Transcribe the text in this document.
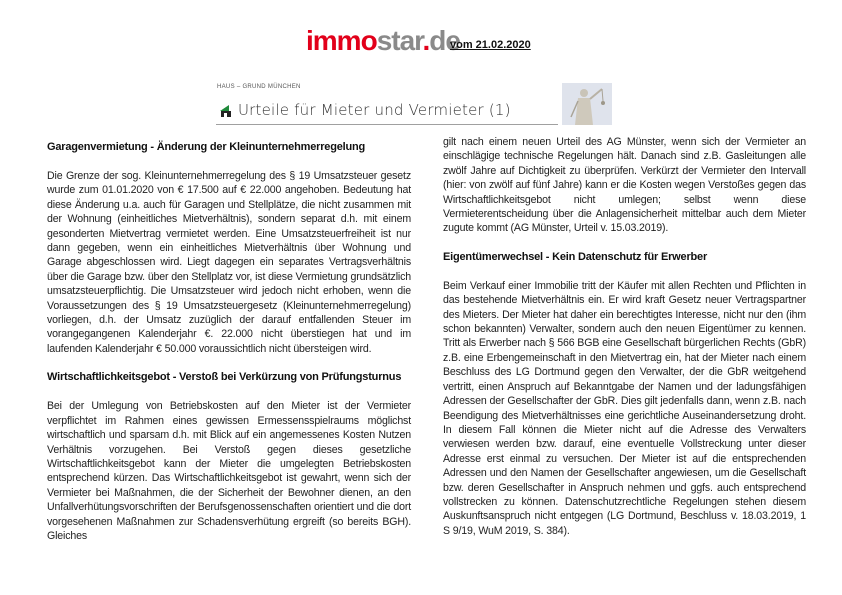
immostar.de
vom 21.02.2020
HAUS – GRUND MÜNCHEN
Urteile für Mieter und Vermieter (1)
Garagenvermietung - Änderung der Kleinunternehmerregelung

Die Grenze der sog. Kleinunternehmerregelung des § 19 Umsatzsteuer gesetz wurde zum 01.01.2020 von € 17.500 auf € 22.000 angehoben. Bedeutung hat diese Änderung u.a. auch für Garagen und Stellplätze, die nicht zusammen mit der Wohnung (einheitliches Mietverhältnis), sondern separat d.h. mit einem gesonderten Mietvertrag vermietet werden. Eine Umsatzsteuerfreiheit ist nur dann gegeben, wenn ein einheitliches Mietverhältnis über Wohnung und Garage abgeschlossen wird. Liegt dagegen ein separates Vertragsverhältnis über die Garage bzw. über den Stellplatz vor, ist diese Vermietung grundsätzlich umsatzsteuerpflichtig. Die Umsatzsteuer wird jedoch nicht erhoben, wenn die Voraussetzungen des § 19 Umsatzsteuergesetz (Kleinunternehmerregelung) vorliegen, d.h. der Umsatz zuzüglich der darauf entfallenden Steuer im vorangegangenen Kalenderjahr €. 22.000 nicht überstiegen hat und im laufenden Kalenderjahr € 50.000 voraussichtlich nicht übersteigen wird.

Wirtschaftlichkeitsgebot - Verstoß bei Verkürzung von Prüfungsturnus

Bei der Umlegung von Betriebskosten auf den Mieter ist der Vermieter verpflichtet im Rahmen eines gewissen Ermessensspielraums möglichst wirtschaftlich und sparsam d.h. mit Blick auf ein angemessenes Kosten Nutzen Verhältnis vorzugehen. Bei Verstoß gegen dieses gesetzliche Wirtschaftlichkeitsgebot kann der Mieter die umgelegten Betriebskosten entsprechend kürzen. Das Wirtschaftlichkeitsgebot ist gewahrt, wenn sich der Vermieter bei Maßnahmen, die der Sicherheit der Bewohner dienen, an den Unfallverhütungsvorschriften der Berufsgenossenschaften orientiert und die dort vorgesehenen Maßnahmen zur Schadensverhütung ergreift (so bereits BGH). Gleiches

gilt nach einem neuen Urteil des AG Münster, wenn sich der Vermieter an einschlägige technische Regelungen hält. Danach sind z.B. Gasleitungen alle zwölf Jahre auf Dichtigkeit zu überprüfen. Verkürzt der Vermieter den Intervall (hier: von zwölf auf fünf Jahre) kann er die Kosten wegen Verstoßes gegen das Wirtschaftlichkeitsgebot nicht umlegen; selbst wenn diese Vermieterentscheidung über die Anlagensicherheit mittelbar auch dem Mieter zugute kommt (AG Münster, Urteil v. 15.03.2019).

Eigentümerwechsel - Kein Datenschutz für Erwerber

Beim Verkauf einer Immobilie tritt der Käufer mit allen Rechten und Pflichten in das bestehende Mietverhältnis ein. Er wird kraft Gesetz neuer Vertragspartner des Mieters. Der Mieter hat daher ein berechtigtes Interesse, nicht nur den (ihm schon bekannten) Verwalter, sondern auch den neuen Eigentümer zu kennen. Tritt als Erwerber nach § 566 BGB eine Gesellschaft bürgerlichen Rechts (GbR) z.B. eine Erbengemeinschaft in den Mietvertrag ein, hat der Mieter nach einem Beschluss des LG Dortmund gegen den Verwalter, der die GbR weitgehend vertritt, einen Anspruch auf Bekanntgabe der Namen und der ladungsfähigen Adressen der Gesellschafter der GbR. Dies gilt jedenfalls dann, wenn z.B. nach Beendigung des Mietverhältnisses eine gerichtliche Auseinandersetzung droht. In diesem Fall können die Mieter nicht auf die Adresse des Verwalters verwiesen werden bzw. darauf, eine eventuelle Vollstreckung unter dieser Adresse erst einmal zu versuchen. Der Mieter ist auf die entsprechenden Adressen und den Namen der Gesellschafter angewiesen, um die Gesellschaft bzw. deren Gesellschafter in Anspruch nehmen und ggfs. auch entsprechend vollstrecken zu können. Datenschutzrechtliche Regelungen stehen diesem Auskunftsanspruch nicht entgegen (LG Dortmund, Beschluss v. 18.03.2019, 1 S 9/19, WuM 2019, S. 384).
